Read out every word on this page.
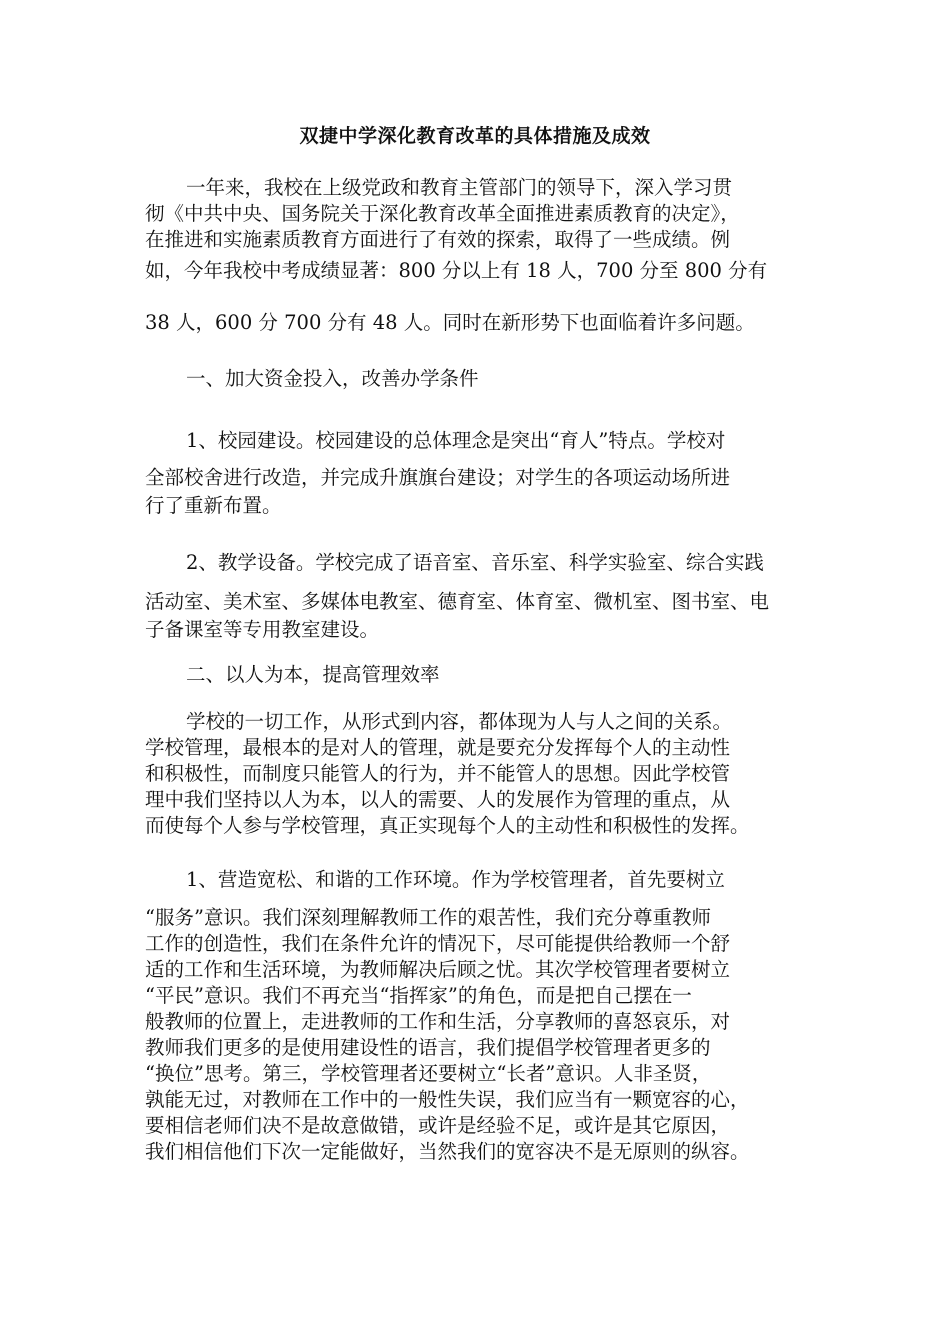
双捷中学深化教育改革的具体措施及成效
一年来，我校在上级党政和教育主管部门的领导下，深入学习贯
彻《中共中央、国务院关于深化教育改革全面推进素质教育的决定》，
在推进和实施素质教育方面进行了有效的探索，取得了一些成绩。例
如，今年我校中考成绩显著：800 分以上有 18 人，700 分至 800 分有
38 人，600 分 700 分有 48 人。同时在新形势下也面临着许多问题。
一、加大资金投入，改善办学条件
1、校园建设。校园建设的总体理念是突出“育人”特点。学校对
全部校舍进行改造，并完成升旗旗台建设；对学生的各项运动场所进
行了重新布置。
2、教学设备。学校完成了语音室、音乐室、科学实验室、综合实践
活动室、美术室、多媒体电教室、德育室、体育室、微机室、图书室、电
子备课室等专用教室建设。
二、以人为本，提高管理效率
学校的一切工作，从形式到内容，都体现为人与人之间的关系。
学校管理，最根本的是对人的管理，就是要充分发挥每个人的主动性
和积极性，而制度只能管人的行为，并不能管人的思想。因此学校管
理中我们坚持以人为本，以人的需要、人的发展作为管理的重点，从
而使每个人参与学校管理，真正实现每个人的主动性和积极性的发挥。
1、营造宽松、和谐的工作环境。作为学校管理者，首先要树立
“服务”意识。我们深刻理解教师工作的艰苦性，我们充分尊重教师
工作的创造性，我们在条件允许的情况下，尽可能提供给教师一个舒
适的工作和生活环境，为教师解决后顾之忧。其次学校管理者要树立
“平民”意识。我们不再充当“指挥家”的角色，而是把自己摆在一
般教师的位置上，走进教师的工作和生活，分享教师的喜怒哀乐，对
教师我们更多的是使用建设性的语言，我们提倡学校管理者更多的
“换位”思考。第三，学校管理者还要树立“长者”意识。人非圣贤，
孰能无过，对教师在工作中的一般性失误，我们应当有一颗宽容的心，
要相信老师们决不是故意做错，或许是经验不足，或许是其它原因，
我们相信他们下次一定能做好，当然我们的宽容决不是无原则的纵容。
